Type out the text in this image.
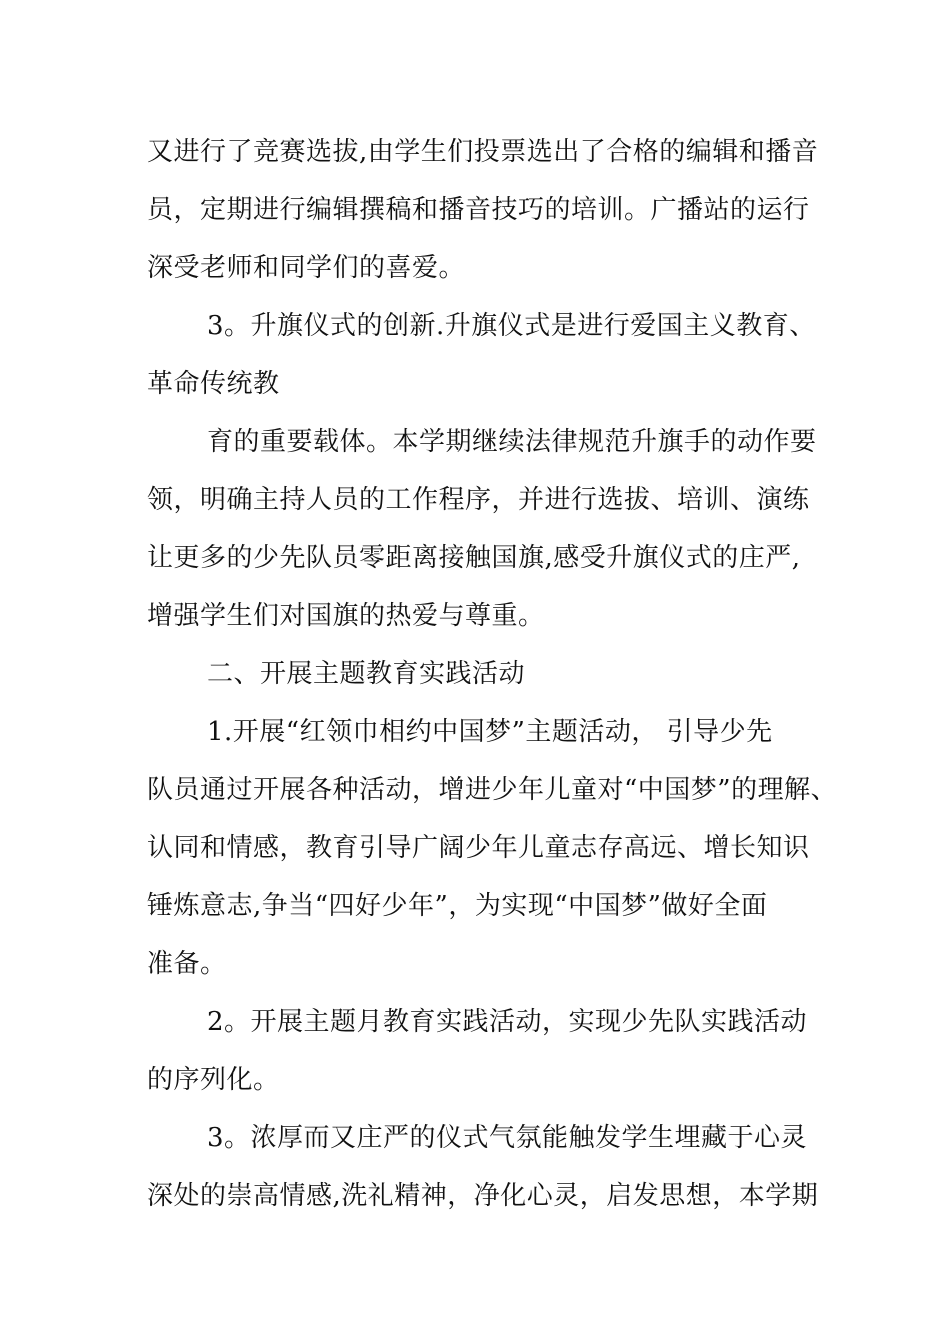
又进行了竞赛选拔,由学生们投票选出了合格的编辑和播音

员，定期进行编辑撰稿和播音技巧的培训。广播站的运行

深受老师和同学们的喜爱。

3。升旗仪式的创新.升旗仪式是进行爱国主义教育、

革命传统教

育的重要载体。本学期继续法律规范升旗手的动作要

领，明确主持人员的工作程序，并进行选拔、培训、演练

让更多的少先队员零距离接触国旗,感受升旗仪式的庄严,

增强学生们对国旗的热爱与尊重。

二、开展主题教育实践活动

1.开展“红领巾相约中国梦”主题活动， 引导少先

队员通过开展各种活动，增进少年儿童对“中国梦”的理解、

认同和情感，教育引导广阔少年儿童志存高远、增长知识

锤炼意志,争当“四好少年”，为实现“中国梦”做好全面

准备。

2。开展主题月教育实践活动，实现少先队实践活动

的序列化。

3。浓厚而又庄严的仪式气氛能触发学生埋藏于心灵

深处的崇高情感,洗礼精神，净化心灵，启发思想，本学期
